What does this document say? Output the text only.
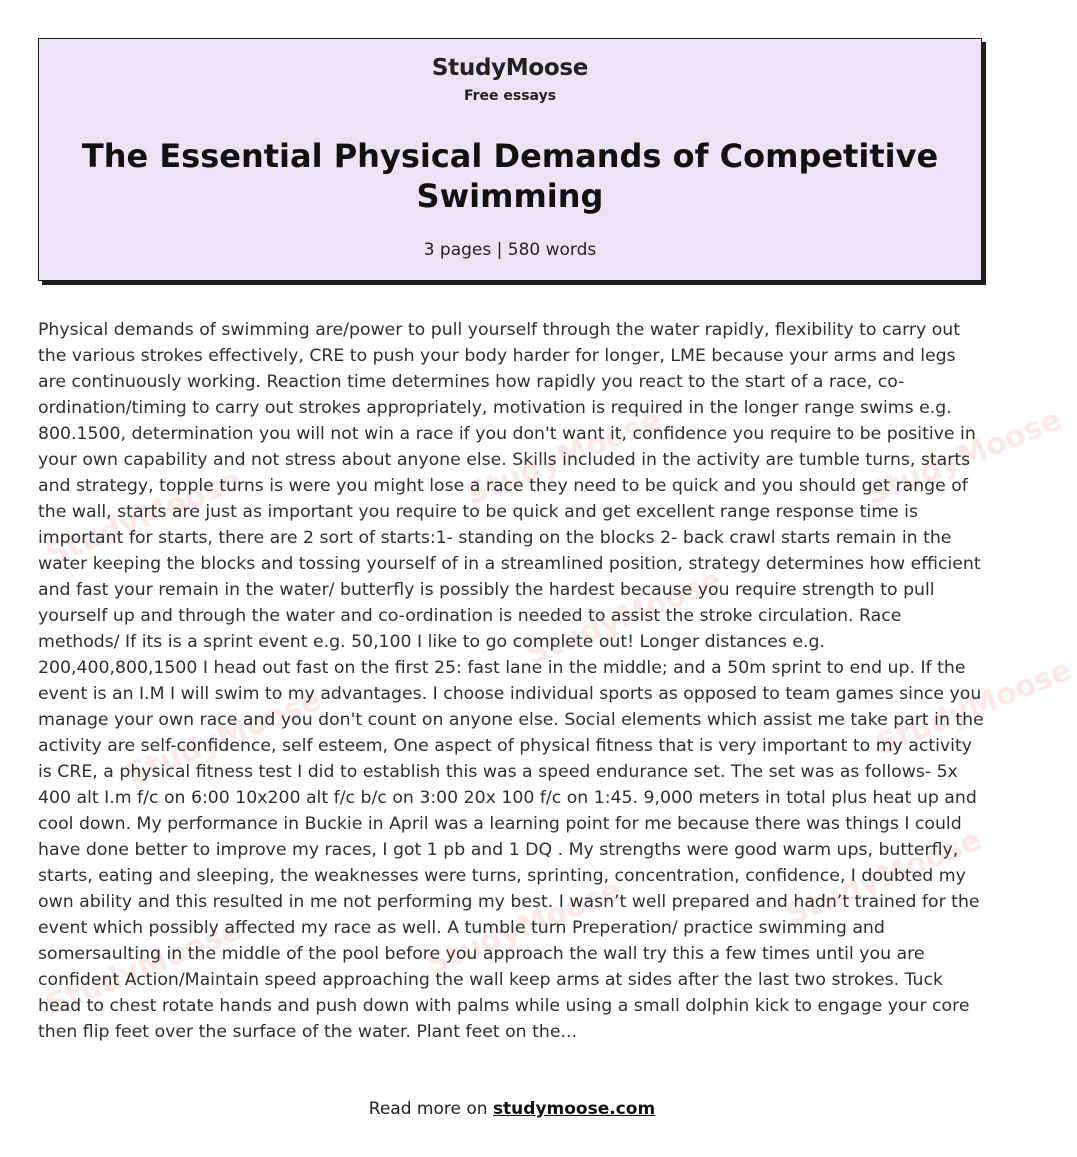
StudyMoose
Free essays
The Essential Physical Demands of Competitive Swimming
3 pages | 580 words
StudyMoose
StudyMoose	StudyMoose
StudyMoose
StudyMoose
StudyMoose
StudyMoose	StudyMoose	StudyMoose

Physical demands of swimming are/power to pull yourself through the water rapidly, flexibility to carry out the various strokes effectively, CRE to push your body harder for longer, LME because your arms and legs are continuously working. Reaction time determines how rapidly you react to the start of a race, co-ordination/timing to carry out strokes appropriately, motivation is required in the longer range swims e.g. 800.1500, determination you will not win a race if you don't want it, confidence you require to be positive in your own capability and not stress about anyone else. Skills included in the activity are tumble turns, starts and strategy, topple turns is were you might lose a race they need to be quick and you should get range of the wall, starts are just as important you require to be quick and get excellent range response time is important for starts, there are 2 sort of starts:1- standing on the blocks 2- back crawl starts remain in the water keeping the blocks and tossing yourself of in a streamlined position, strategy determines how efficient and fast your remain in the water/ butterfly is possibly the hardest because you require strength to pull yourself up and through the water and co-ordination is needed to assist the stroke circulation. Race methods/ If its is a sprint event e.g. 50,100 I like to go complete out! Longer distances e.g. 200,400,800,1500 I head out fast on the first 25: fast lane in the middle; and a 50m sprint to end up. If the event is an I.M I will swim to my advantages. I choose individual sports as opposed to team games since you manage your own race and you don't count on anyone else. Social elements which assist me take part in the activity are self-confidence, self esteem, One aspect of physical fitness that is very important to my activity is CRE, a physical fitness test I did to establish this was a speed endurance set. The set was as follows- 5x 400 alt I.m f/c on 6:00 10x200 alt f/c b/c on 3:00 20x 100 f/c on 1:45. 9,000 meters in total plus heat up and cool down. My performance in Buckie in April was a learning point for me because there was things I could have done better to improve my races, I got 1 pb and 1 DQ . My strengths were good warm ups, butterfly, starts, eating and sleeping, the weaknesses were turns, sprinting, concentration, confidence, I doubted my own ability and this resulted in me not performing my best. I wasn’t well prepared and hadn’t trained for the event which possibly affected my race as well. A tumble turn Preperation/ practice swimming and somersaulting in the middle of the pool before you approach the wall try this a few times until you are confident Action/Maintain speed approaching the wall keep arms at sides after the last two strokes. Tuck head to chest rotate hands and push down with palms while using a small dolphin kick to engage your core then flip feet over the surface of the water. Plant feet on the...

Read more on studymoose.com
